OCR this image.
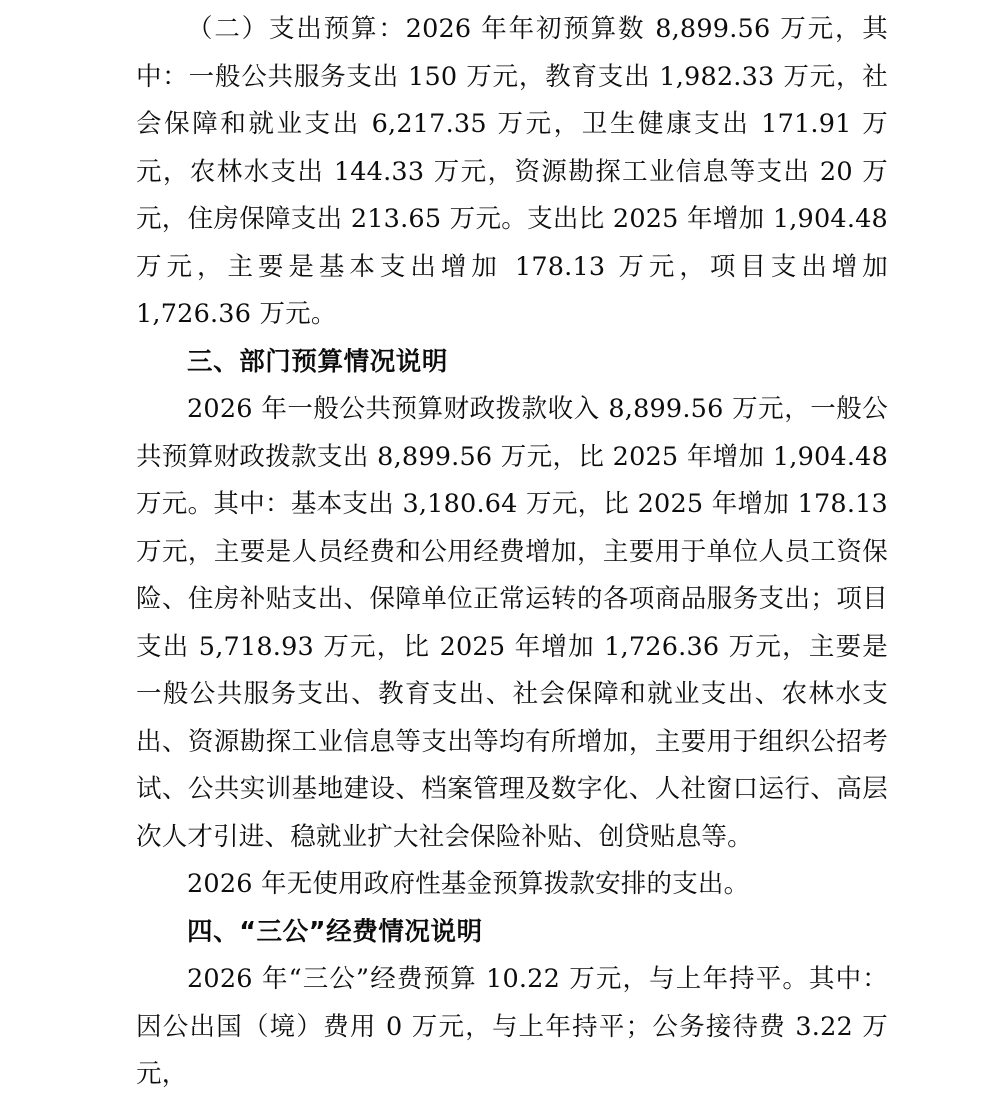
（二）支出预算：2026 年年初预算数 8,899.56 万元，其中：一般公共服务支出 150 万元，教育支出 1,982.33 万元，社会保障和就业支出 6,217.35 万元，卫生健康支出 171.91 万元，农林水支出 144.33 万元，资源勘探工业信息等支出 20 万元，住房保障支出 213.65 万元。支出比 2025 年增加 1,904.48 万元，主要是基本支出增加 178.13 万元，项目支出增加 1,726.36 万元。

三、部门预算情况说明

2026 年一般公共预算财政拨款收入 8,899.56 万元，一般公共预算财政拨款支出 8,899.56 万元，比 2025 年增加 1,904.48 万元。其中：基本支出 3,180.64 万元，比 2025 年增加 178.13 万元，主要是人员经费和公用经费增加，主要用于单位人员工资保险、住房补贴支出、保障单位正常运转的各项商品服务支出；项目支出 5,718.93 万元，比 2025 年增加 1,726.36 万元，主要是一般公共服务支出、教育支出、社会保障和就业支出、农林水支出、资源勘探工业信息等支出等均有所增加，主要用于组织公招考试、公共实训基地建设、档案管理及数字化、人社窗口运行、高层次人才引进、稳就业扩大社会保险补贴、创贷贴息等。

2026 年无使用政府性基金预算拨款安排的支出。

四、“三公”经费情况说明

2026 年“三公”经费预算 10.22 万元，与上年持平。其中：因公出国（境）费用 0 万元，与上年持平；公务接待费 3.22 万元，
